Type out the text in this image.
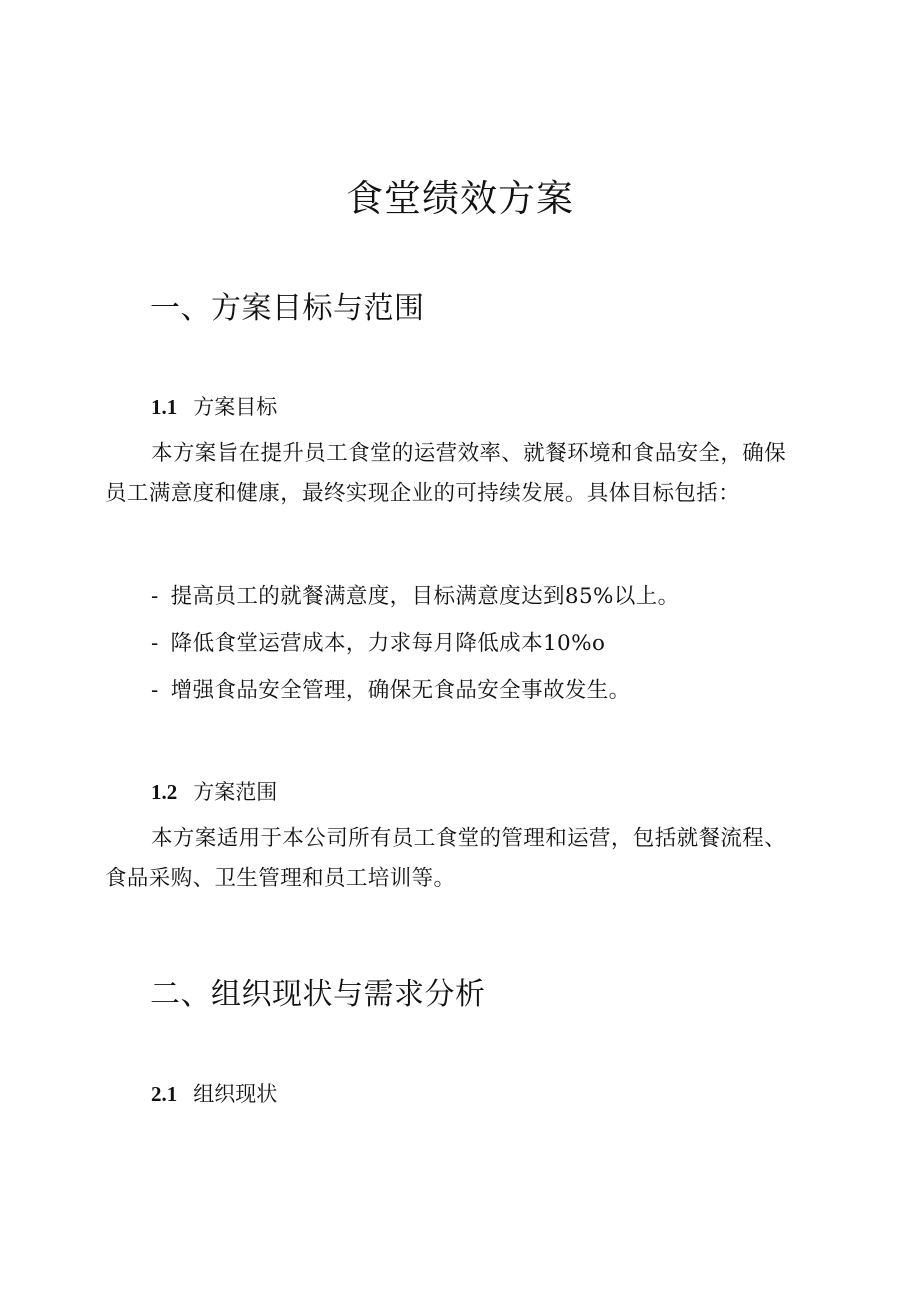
食堂绩效方案
一、方案目标与范围
1.1 方案目标
本方案旨在提升员工食堂的运营效率、就餐环境和食品安全，确保员工满意度和健康，最终实现企业的可持续发展。具体目标包括：
- 提高员工的就餐满意度，目标满意度达到85%以上。
- 降低食堂运营成本，力求每月降低成本10%o
- 增强食品安全管理，确保无食品安全事故发生。
1.2 方案范围
本方案适用于本公司所有员工食堂的管理和运营，包括就餐流程、食品采购、卫生管理和员工培训等。
二、组织现状与需求分析
2.1 组织现状
